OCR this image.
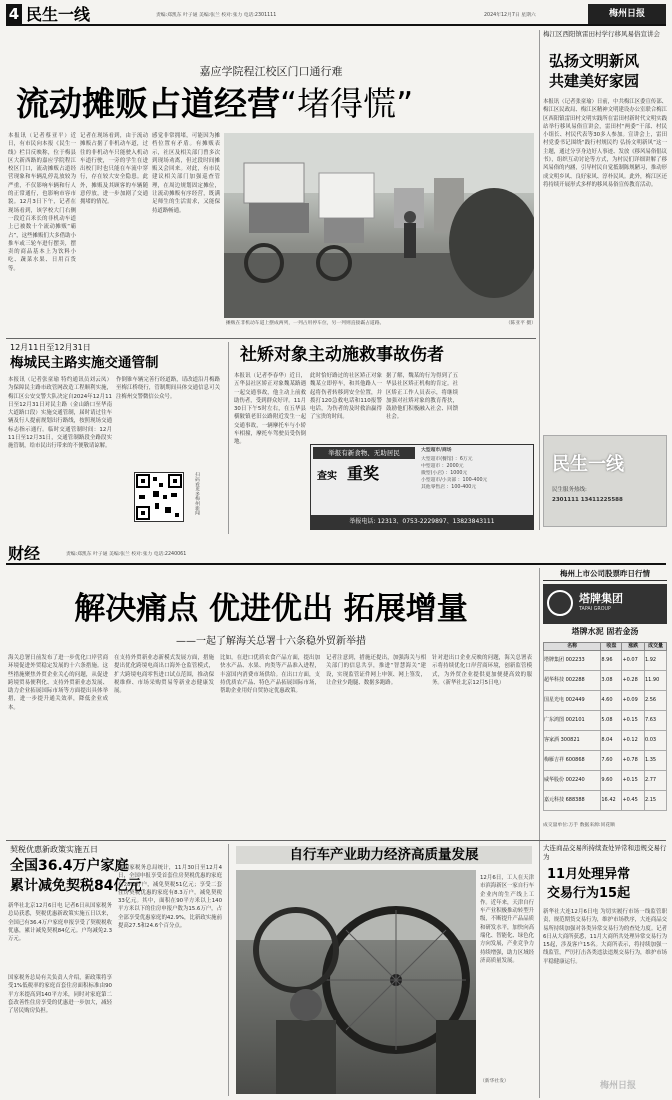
4 民生一线	责编:郑凯东 叶子通 美编:张兰 校对:张力 电话:2301111	梅州日报
2024年12月7日 星期六
嘉应学院程江校区门口通行难
流动摊贩占道经营“堵得慌”
本报讯（记者蔡亚平）近日，有市民向本报《民生一线》栏目反映称，位于梅县区大新西路的嘉应学院程江校区门口，流动摊贩占道经营现象和车辆乱停乱放较为严重，不仅影响车辆和行人的正常通行，也影响市容市貌。12月3日下午，记者在现场看到，该学校大门右侧一段近百米长的非机动车道上已被数十个流动摊贩“霸占”，这些摊贩们大多借助小推车或三轮车进行摆卖，摆卖的商品基本上为饮料小吃、蔬菜水果、日用百货等。
记者在现场看到，由于流动摊贩占据了非机动车道，过往的非机动车只能驶入机动车道行驶，一旁的学生在进出校门时也只能在车流中穿行，存在较大安全隐患。此外，摊贩及其顾客的车辆随意停放，进一步加剧了交通拥堵的情况。
感觉非常拥堵，可能因为摊档位置有矛盾。有摊贩表示，社区及相关部门曾多次到现场劝离，但过段时间摊贩又会回来。对此，有市民建议相关部门加强巡查管理，在周边规划固定摊位，让流动摊贩有序经营，既满足师生的生活需求，又能保持道路畅通。
摊贩在非机动车道上摆成两列，一列占用停车位，另一列则直接霸占道路。	（陈亚平 摄）
梅江区西阳镇雷田村学行移风易俗宣讲会
弘扬文明新风
共建美好家园
本报讯（记者张童瑜）日前，中共梅江区委宣传部、梅江区民政局、梅江区精神文明建设办公室联合梅江区西阳镇雷田村文明实践所在雷田村新时代文明实践站举行移风易俗宣讲会，雷田村“两委”干部、村民小组长、村民代表等30多人参加。宣讲会上，雷田村党委书记围绕“践行村规民约 弘扬文明新风”这一主题，通过分享身边好人事迹、发放《移风易俗倡议书》，组织互动讨论等方式，为村民们详细讲解了移风易俗的内涵，引导村民自觉抵制陈规陋习，推动形成文明乡风、良好家风、淳朴民风。此外，梅江区还将持续开展形式多样的移风易俗宣传教育活动。
民生一线
民生服务热线:
2301111 13411225588
12月11日至12月31日
梅城民主路实施交通管制
本报讯（记者张童瑜 特约通讯员刘云凤）为保障民主路市政管网改造工程顺利实施，梅江区公安交警大队决定自2024年12月11日至12月31日对民主路（金山路口至华南大道路口段）实施交通管制，届时请过往车辆及行人提前规划出行路线，按照现场交通标志指示通行。临时交通管制时间：12月11日至12月31日，交通管制路段全路段实施管制，给市民出行带来的不便敬请谅解。
作倒锥车辆完善行经道路，请改道沿月梅路至梅江桥绕行，管制期间具体交通信息可关注梅州交警微信公众号。
扫码看更多梅州新闻
社矫对象主动施救事故伤者
本报讯（记者李春华）近日，五华县社区矫正对象魏某路遇一起交通事故，他主动上前救助伤者，受到群众好评。11月30日下午5时左右，在五华县横陂镇老旧公路附近发生一起交通事故，一辆摩托车与小轿车相撞，摩托车驾驶员受伤倒地。
此时恰好路过的社区矫正对象魏某立即停车，和其他路人一起将伤者转移到安全位置，并拨打120急救电话和110报警电话，为伤者的及时救治赢得了宝贵的时间。
据了解，魏某的行为得到了五华县社区矫正机构的肯定。社区矫正工作人员表示，将继续加强对社矫对象的教育帮扶，鼓励他们积极融入社会、回馈社会。
举报有新食物、无助居民
查实 重奖
大型超市/商场
大型超市(餐馆) ：6万元
中型超市 ：2000元
微型(小店) ：1000元
小型超市/小卖部 ：100-400元
其他零售店 ：100-400元
举报电话: 12313、0753-2229897、13823843111
财经	责编:郑凯东 叶子通 美编:张兰 校对:张力 电话:2240061
解决痛点 优进优出 拓展增量
——一起了解海关总署十六条稳外贸新举措
海关总署日前发布了进一步优化口岸营商环境促进外贸稳定发展的十六条措施。这些措施聚焦外贸企业关心的问题，从促进跨境贸易便利化、支持外贸新业态发展、助力企业拓展国际市场等方面提出具体举措，进一步提升通关效率，降低企业成本。
在支持外贸新业态新模式发展方面，措施提出优化跨境电商出口海外仓监管模式，扩大跨境电商零售进口试点范围，推动保税维修、市场采购贸易等新业态健康发展。
比如，在进口优质农食产品方面，提出加快水产品、水果、肉类等产品准入进程，丰富国内消费市场供给。在出口方面，支持优质农产品、特色产品拓展国际市场，帮助企业用好自贸协定优惠政策。
记者注意到，措施还提出，加强海关与相关部门的信息共享，推进“智慧海关”建设，实现监管证件网上申领、网上签发，让企业少跑腿、数据多跑路。
针对进出口企业反映的问题，海关总署表示将持续优化口岸营商环境，创新监管模式，为外贸企业提供更加便捷高效的服务。（新华社北京12月5日电）
梅州上市公司股票昨日行情
塔牌集团
TAPAI GROUP
塔牌水泥 固若金汤
名称	收盘	涨跌	成交量
塔牌集团 002233	8.96	+0.07	1.92
超华科技 002288	3.08	+0.28	11.90
国星光电 002449	4.60	+0.09	2.56
广东鸿图 002101	5.08	+0.15	7.63
客家酒 300821	8.04	+0.12	0.03
梅雁吉祥 600868	7.60	+0.78	1.35
威华股份 002240	9.60	+0.15	2.77
嘉元科技 688388	16.42	+0.45	2.15
成交量单位:万手 数据来源:同花顺
契税优惠新政策实施五日
全国36.4万户家庭
累计减免契税84亿元
新华社北京12月6日电 记者6日从国家税务总局获悉，契税优惠新政策实施五日以来，全国已有36.4万户家庭申报享受了契税税收优惠，累计减免契税84亿元。户均减免2.3万元。
国家税务总局有关负责人介绍，新政策将享受1%低税率的家庭首套住房面积标准由90平方米提高到140平方米，同时对家庭第二套改善性住房享受的优惠进一步加大，减轻了居民购房负担。
据国家税务总局统计，11月30日至12月4日，全国申报享受首套住房契税优惠的家庭有28.1万户，减免契税51亿元；享受二套住房契税优惠的家庭有8.3万户，减免契税33亿元。其中，面积在90平方米以上140平方米以下的住房申报户数为15.6万户，占全部享受优惠家庭的42.9%，比新政实施前提高27.5和24.6个百分点。
自行车产业助力经济高质量发展
12月6日，工人在天津市滨海新区一家自行车企业内的生产线上工作。近年来，天津自行车产业积极推动转型升级，不断提升产品品质和研发水平，加快向高端化、智能化、绿色化方向发展，产业竞争力持续增强，助力区域经济高质量发展。
（新华社发）
大连商品交易所持续查处异常和违规交易行为
11月处理异常
交易行为15起
新华社大连12月6日电 为切实履行市场一线监管职责，规范期货交易行为，维护市场秩序，大连商品交易所持续加强对各类异常交易行为的查处力度。记者6日从大商所获悉，11月大商所共处理异常交易行为15起，涉及客户15名。大商所表示，将持续加强一线监管，严厉打击各类违法违规交易行为，维护市场平稳健康运行。
梅州日报
